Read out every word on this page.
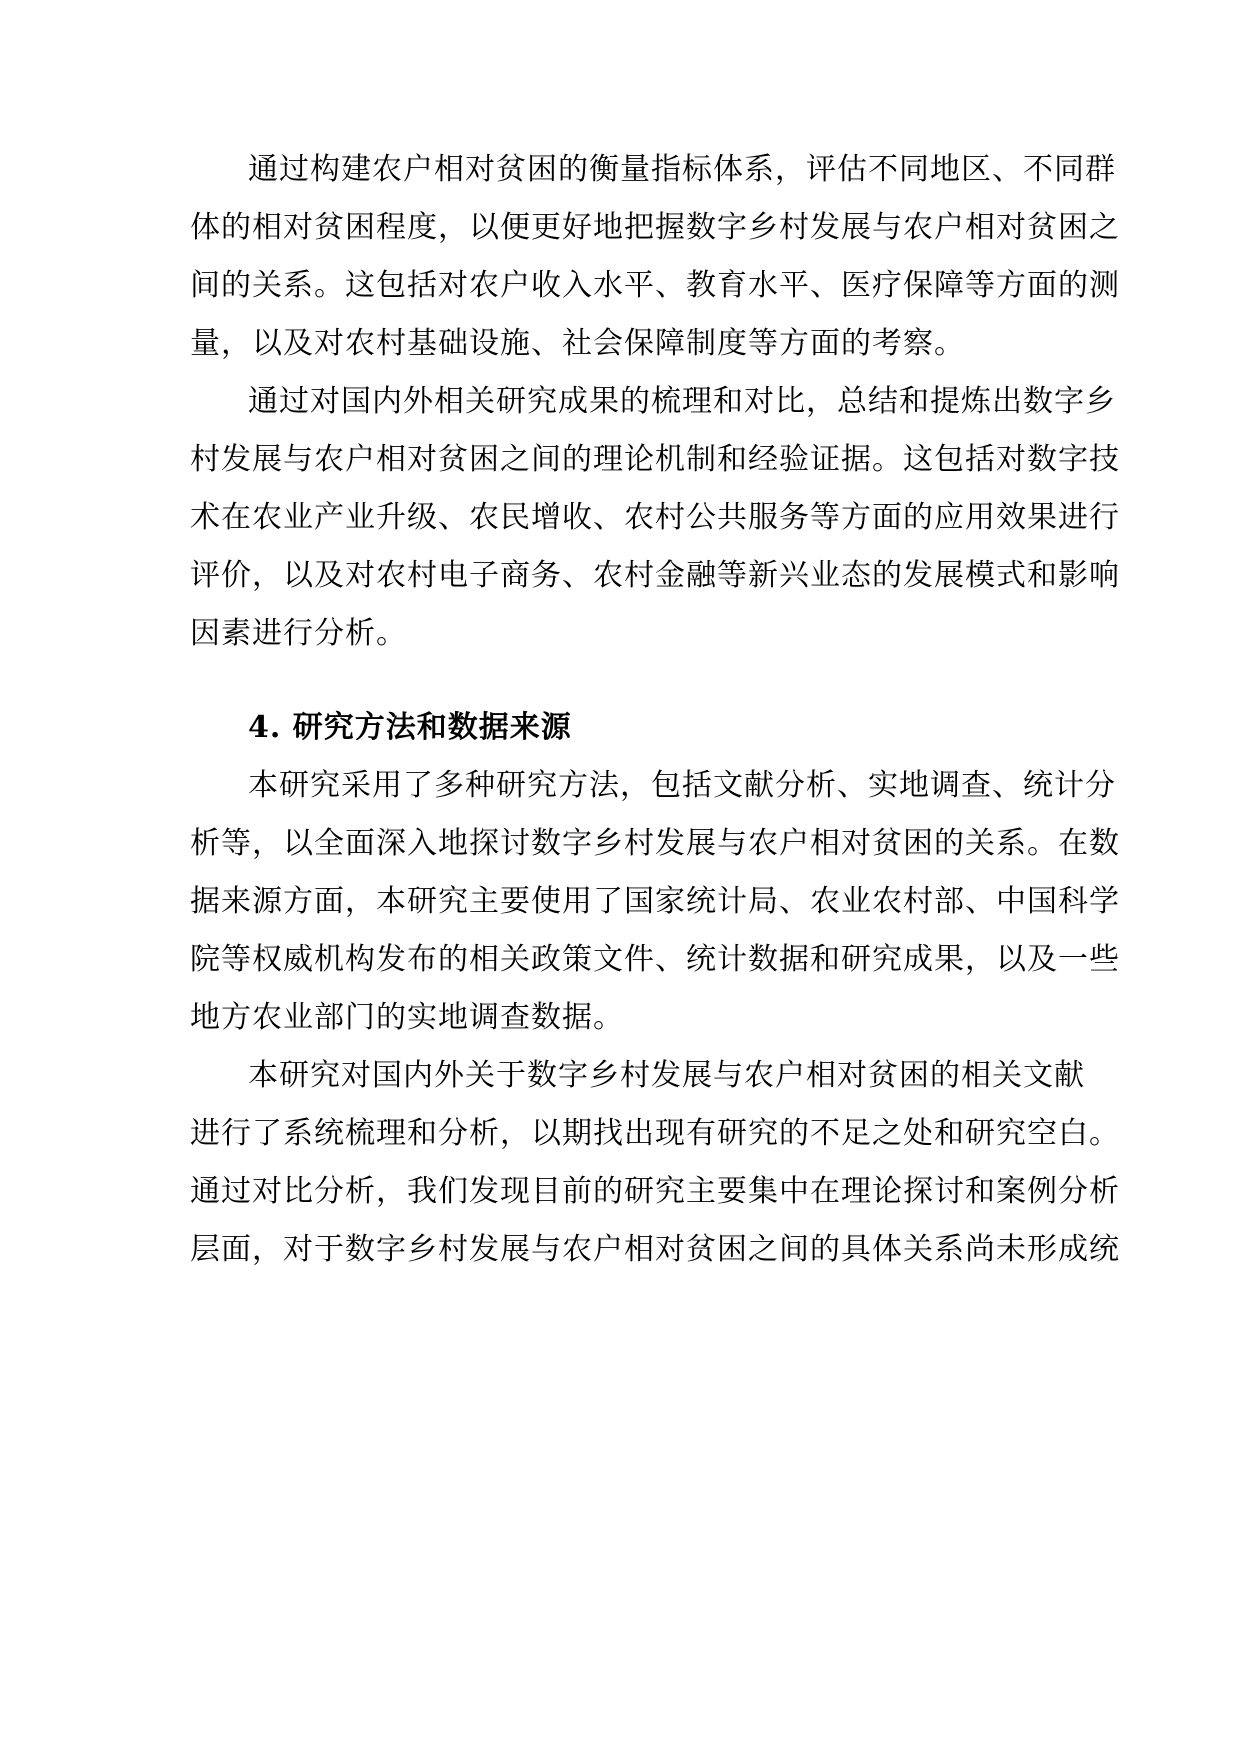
通过构建农户相对贫困的衡量指标体系，评估不同地区、不同群
体的相对贫困程度，以便更好地把握数字乡村发展与农户相对贫困之
间的关系。这包括对农户收入水平、教育水平、医疗保障等方面的测
量，以及对农村基础设施、社会保障制度等方面的考察。
通过对国内外相关研究成果的梳理和对比，总结和提炼出数字乡
村发展与农户相对贫困之间的理论机制和经验证据。这包括对数字技
术在农业产业升级、农民增收、农村公共服务等方面的应用效果进行
评价，以及对农村电子商务、农村金融等新兴业态的发展模式和影响
因素进行分析。
4. 研究方法和数据来源
本研究采用了多种研究方法，包括文献分析、实地调查、统计分
析等，以全面深入地探讨数字乡村发展与农户相对贫困的关系。在数
据来源方面，本研究主要使用了国家统计局、农业农村部、中国科学
院等权威机构发布的相关政策文件、统计数据和研究成果，以及一些
地方农业部门的实地调查数据。
本研究对国内外关于数字乡村发展与农户相对贫困的相关文献
进行了系统梳理和分析，以期找出现有研究的不足之处和研究空白。
通过对比分析，我们发现目前的研究主要集中在理论探讨和案例分析
层面，对于数字乡村发展与农户相对贫困之间的具体关系尚未形成统
